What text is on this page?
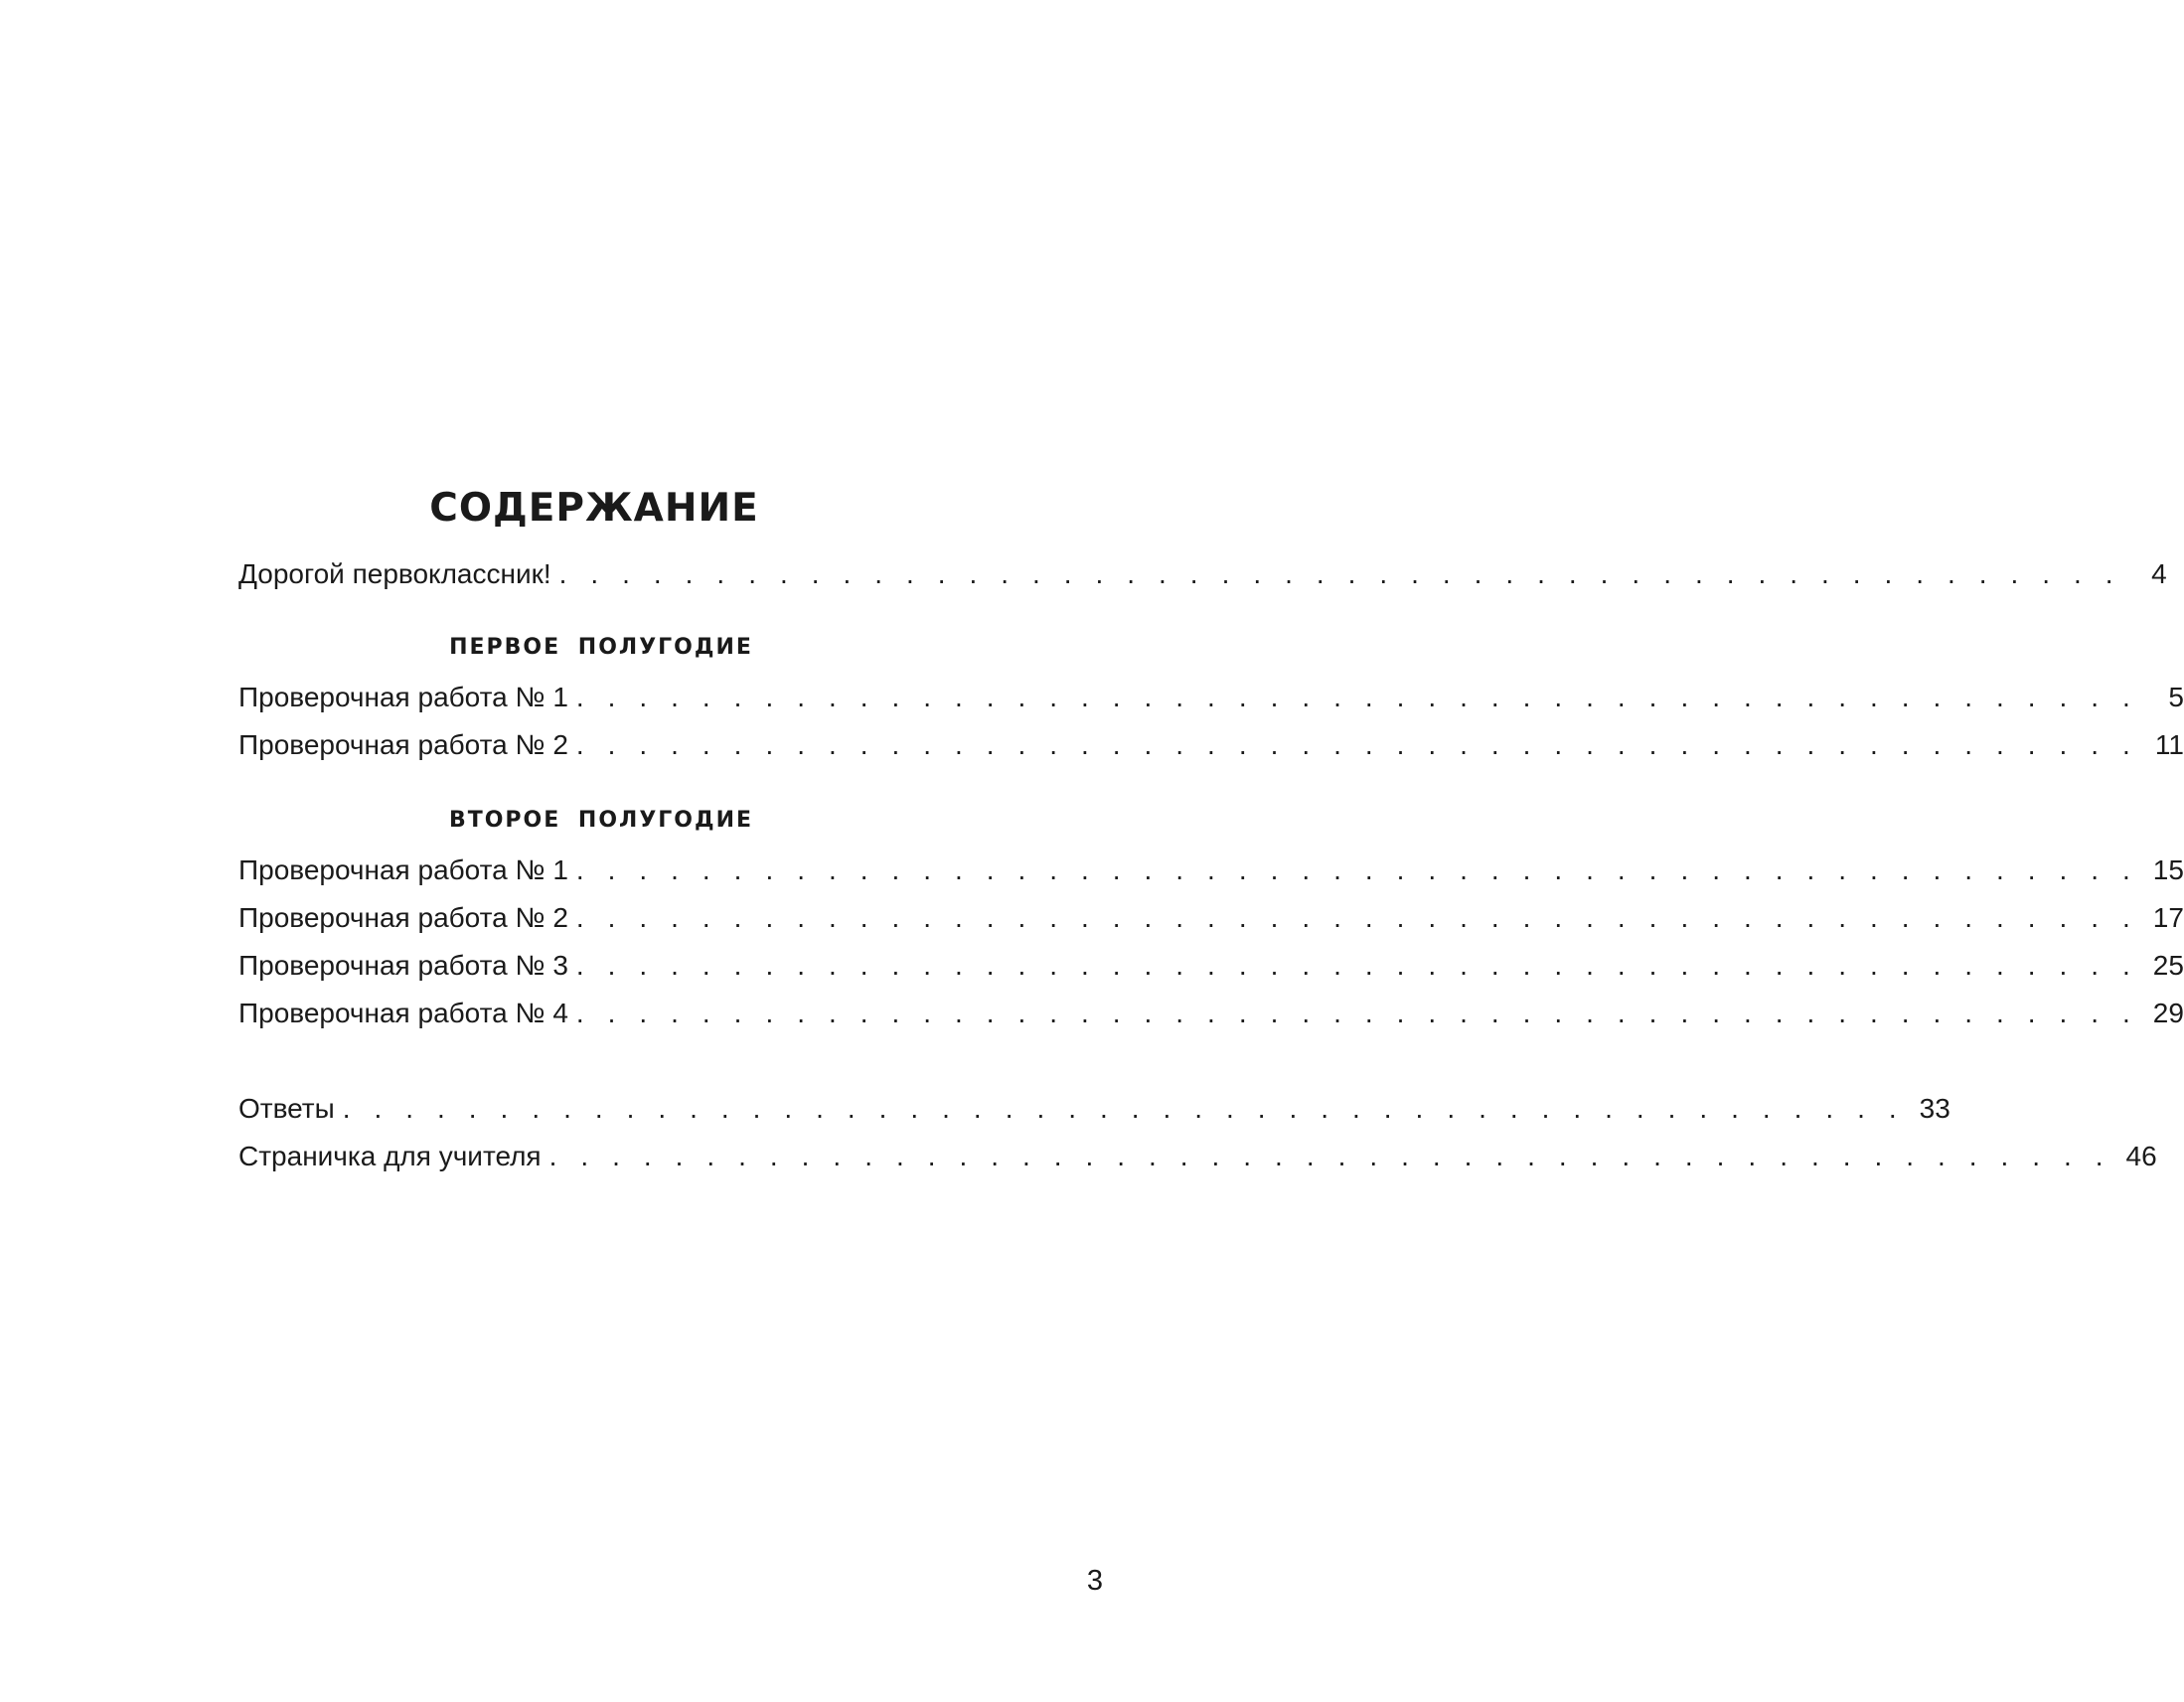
СОДЕРЖАНИЕ
Дорогой первоклассник! . . . . . . . . . . . . . . . . . . . . . . . . . . . . . . . . . . . . . . . . . . . . . . . . . .	4
ПЕРВОЕ ПОЛУГОДИЕ
Проверочная работа № 1 . . . . . . . . . . . . . . . . . . . . . . . . . . . . . . . . . . . . . . . . . . . . . . . . . .	5
Проверочная работа № 2 . . . . . . . . . . . . . . . . . . . . . . . . . . . . . . . . . . . . . . . . . . . . . . . . . . 11
ВТОРОЕ ПОЛУГОДИЕ
Проверочная работа № 1 . . . . . . . . . . . . . . . . . . . . . . . . . . . . . . . . . . . . . . . . . . . . . . . . . . 15
Проверочная работа № 2 . . . . . . . . . . . . . . . . . . . . . . . . . . . . . . . . . . . . . . . . . . . . . . . . . . 17
Проверочная работа № 3 . . . . . . . . . . . . . . . . . . . . . . . . . . . . . . . . . . . . . . . . . . . . . . . . . . 25
Проверочная работа № 4 . . . . . . . . . . . . . . . . . . . . . . . . . . . . . . . . . . . . . . . . . . . . . . . . . . 29
Ответы . . . . . . . . . . . . . . . . . . . . . . . . . . . . . . . . . . . . . . . . . . . . . . . . . . 33
Страничка для учителя . . . . . . . . . . . . . . . . . . . . . . . . . . . . . . . . . . . . . . . . . . . . . . . . . . 46
3
